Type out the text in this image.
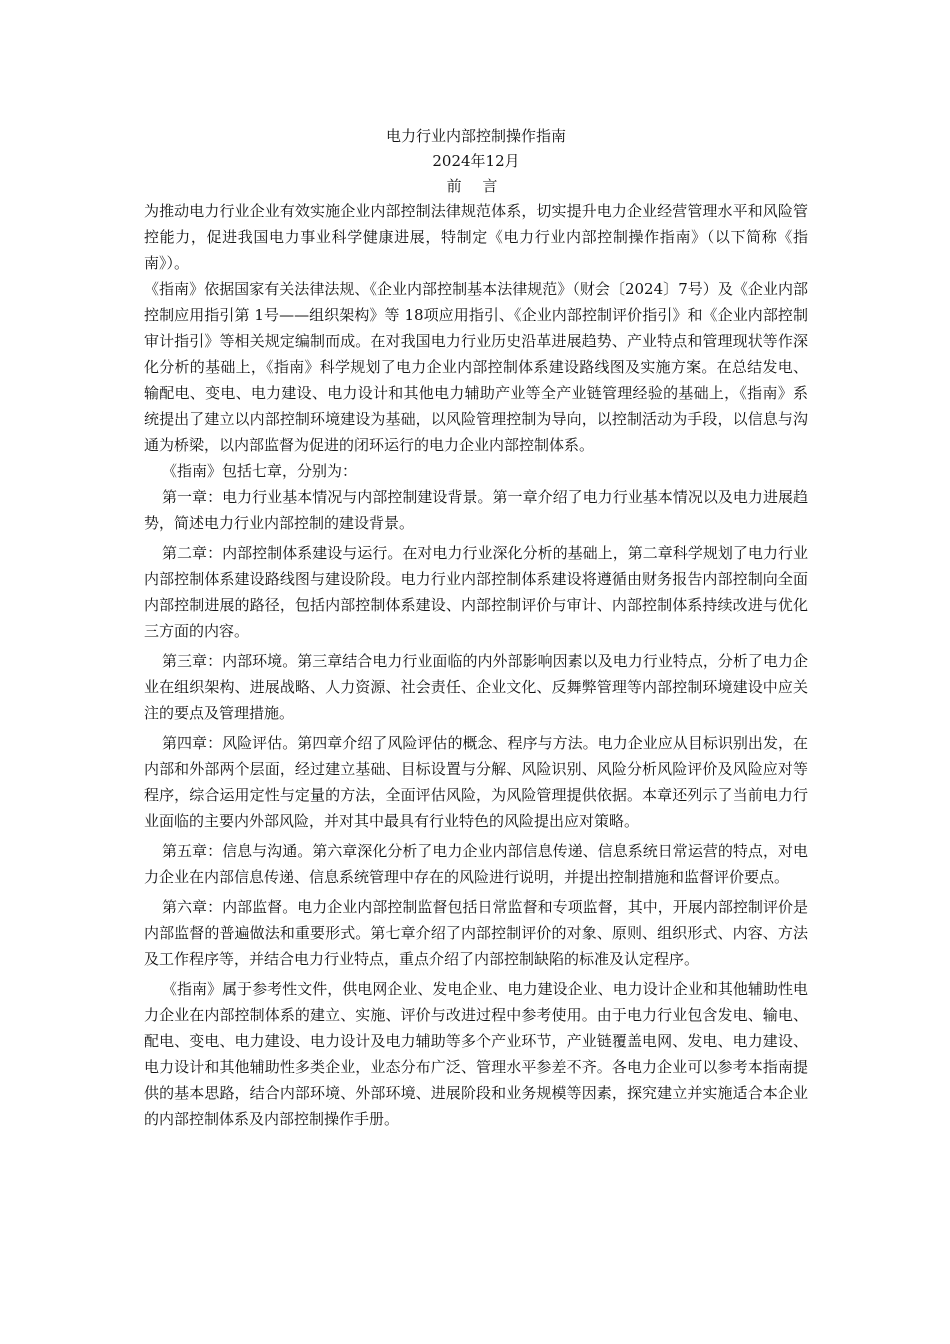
电力行业内部控制操作指南

2024年12月

前 言

为推动电力行业企业有效实施企业内部控制法律规范体系，切实提升电力企业经营管理水平和风险管控能力，促进我国电力事业科学健康进展，特制定《电力行业内部控制操作指南》（以下简称《指南》）。

《指南》依据国家有关法律法规、《企业内部控制基本法律规范》（财会〔2024〕7号）及《企业内部控制应用指引第 1号——组织架构》等 18项应用指引、《企业内部控制评价指引》和《企业内部控制审计指引》等相关规定编制而成。在对我国电力行业历史沿革进展趋势、产业特点和管理现状等作深化分析的基础上，《指南》科学规划了电力企业内部控制体系建设路线图及实施方案。在总结发电、输配电、变电、电力建设、电力设计和其他电力辅助产业等全产业链管理经验的基础上，《指南》系统提出了建立以内部控制环境建设为基础，以风险管理控制为导向，以控制活动为手段，以信息与沟通为桥梁，以内部监督为促进的闭环运行的电力企业内部控制体系。

《指南》包括七章，分别为：

第一章：电力行业基本情况与内部控制建设背景。第一章介绍了电力行业基本情况以及电力进展趋势，简述电力行业内部控制的建设背景。

第二章：内部控制体系建设与运行。在对电力行业深化分析的基础上，第二章科学规划了电力行业内部控制体系建设路线图与建设阶段。电力行业内部控制体系建设将遵循由财务报告内部控制向全面内部控制进展的路径，包括内部控制体系建设、内部控制评价与审计、内部控制体系持续改进与优化三方面的内容。

第三章：内部环境。第三章结合电力行业面临的内外部影响因素以及电力行业特点，分析了电力企业在组织架构、进展战略、人力资源、社会责任、企业文化、反舞弊管理等内部控制环境建设中应关注的要点及管理措施。

第四章：风险评估。第四章介绍了风险评估的概念、程序与方法。电力企业应从目标识别出发，在内部和外部两个层面，经过建立基础、目标设置与分解、风险识别、风险分析风险评价及风险应对等程序，综合运用定性与定量的方法，全面评估风险，为风险管理提供依据。本章还列示了当前电力行业面临的主要内外部风险，并对其中最具有行业特色的风险提出应对策略。

第五章：信息与沟通。第六章深化分析了电力企业内部信息传递、信息系统日常运营的特点，对电力企业在内部信息传递、信息系统管理中存在的风险进行说明，并提出控制措施和监督评价要点。

第六章：内部监督。电力企业内部控制监督包括日常监督和专项监督，其中，开展内部控制评价是内部监督的普遍做法和重要形式。第七章介绍了内部控制评价的对象、原则、组织形式、内容、方法及工作程序等，并结合电力行业特点，重点介绍了内部控制缺陷的标准及认定程序。

《指南》属于参考性文件，供电网企业、发电企业、电力建设企业、电力设计企业和其他辅助性电力企业在内部控制体系的建立、实施、评价与改进过程中参考使用。由于电力行业包含发电、输电、配电、变电、电力建设、电力设计及电力辅助等多个产业环节，产业链覆盖电网、发电、电力建设、电力设计和其他辅助性多类企业，业态分布广泛、管理水平参差不齐。各电力企业可以参考本指南提供的基本思路，结合内部环境、外部环境、进展阶段和业务规模等因素，探究建立并实施适合本企业的内部控制体系及内部控制操作手册。
